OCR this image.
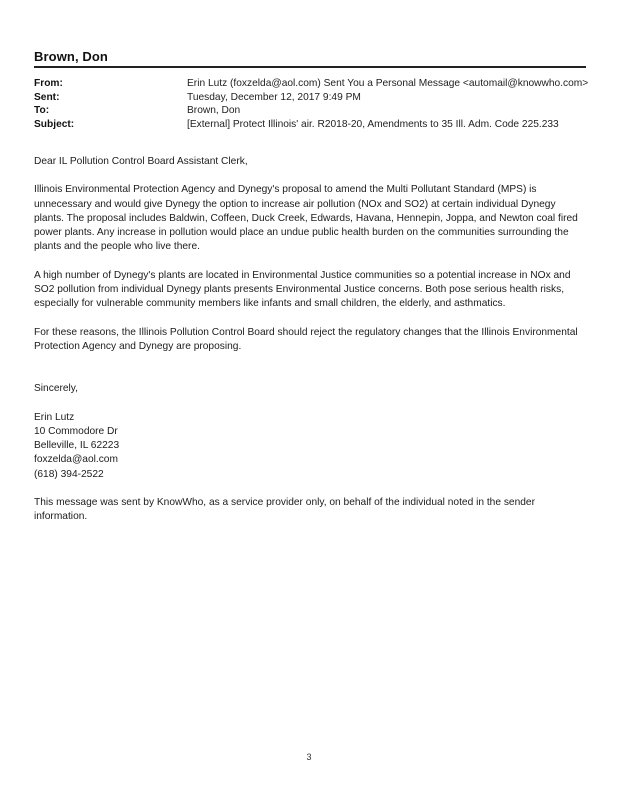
Brown, Don
From:	Erin Lutz (foxzelda@aol.com) Sent You a Personal Message <automail@knowwho.com>
Sent:	Tuesday, December 12, 2017 9:49 PM
To:	Brown, Don
Subject:	[External] Protect Illinois' air. R2018-20, Amendments to 35 Ill. Adm. Code 225.233

Dear IL Pollution Control Board Assistant Clerk,

Illinois Environmental Protection Agency and Dynegy's proposal to amend the Multi Pollutant Standard (MPS) is unnecessary and would give Dynegy the option to increase air pollution (NOx and SO2) at certain individual Dynegy plants. The proposal includes Baldwin, Coffeen, Duck Creek, Edwards, Havana, Hennepin, Joppa, and Newton coal fired power plants. Any increase in pollution would place an undue public health burden on the communities surrounding the plants and the people who live there.

A high number of Dynegy's plants are located in Environmental Justice communities so a potential increase in NOx and SO2 pollution from individual Dynegy plants presents Environmental Justice concerns. Both pose serious health risks, especially for vulnerable community members like infants and small children, the elderly, and asthmatics.

For these reasons, the Illinois Pollution Control Board should reject the regulatory changes that the Illinois Environmental Protection Agency and Dynegy are proposing.

Sincerely,

Erin Lutz

10 Commodore Dr

Belleville, IL 62223

foxzelda@aol.com

(618) 394-2522

This message was sent by KnowWho, as a service provider only, on behalf of the individual noted in the sender information.

3
